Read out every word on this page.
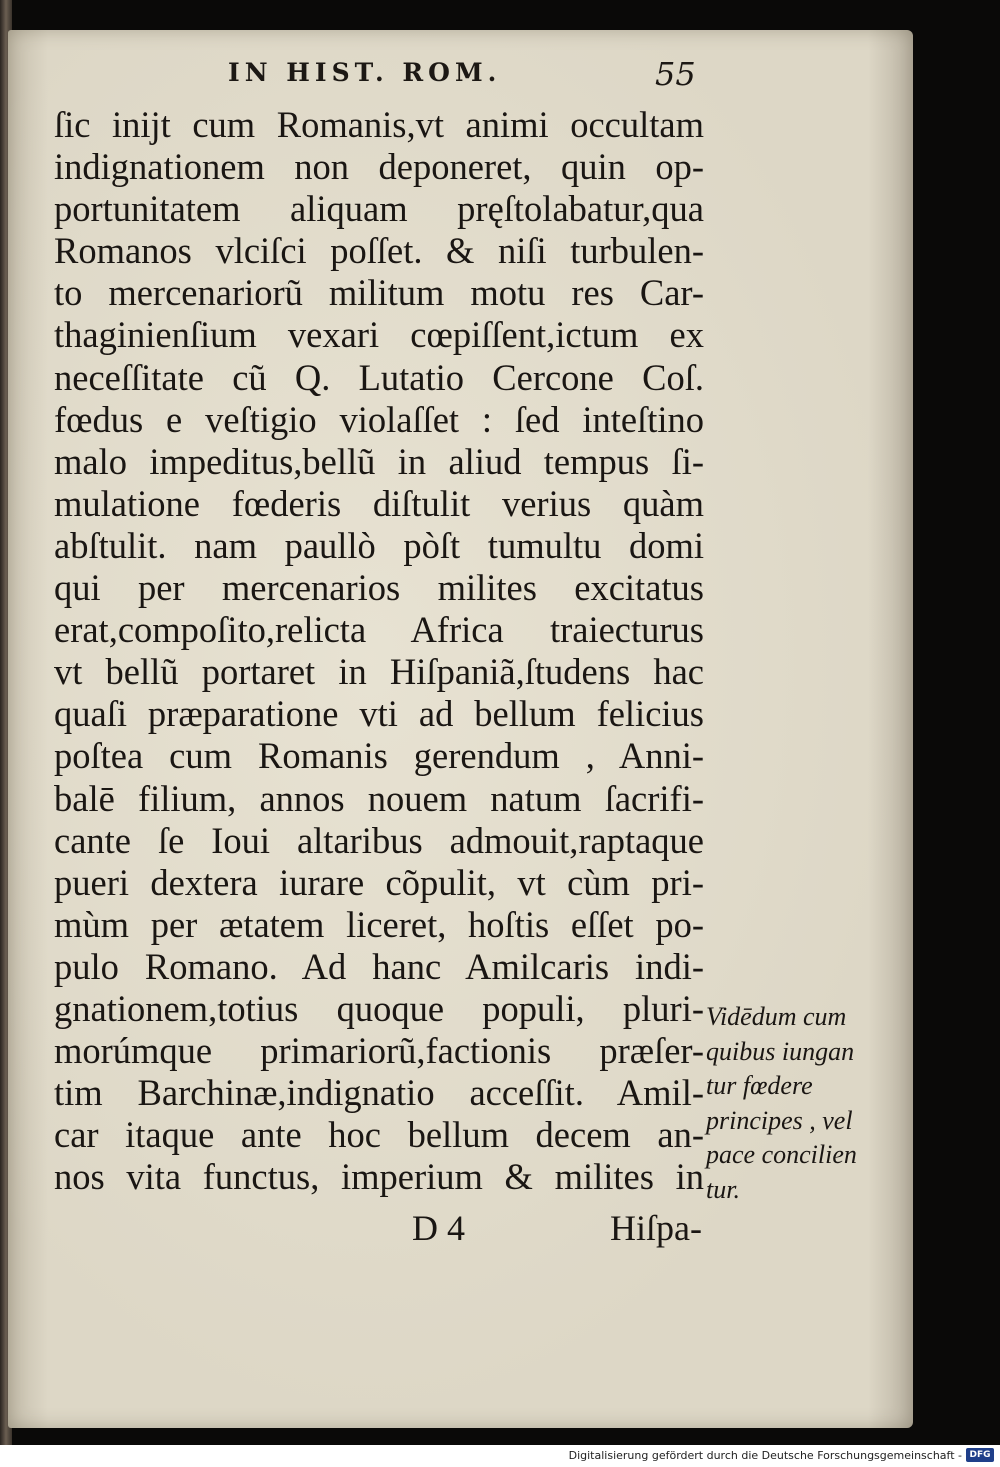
IN HIST. ROM.	55
ſic inijt cum Romanis,vt animi occultam
indignationem non deponeret, quin op-
portunitatem aliquam pręſtolabatur,qua
Romanos vlciſci poſſet. & niſi turbulen-
to mercenariorũ militum motu res Car-
thaginienſium vexari cœpiſſent,ictum ex
neceſſitate cũ Q. Lutatio Cercone Coſ.
fœdus e veſtigio violaſſet : ſed inteſtino
malo impeditus,bellũ in aliud tempus ſi-
mulatione fœderis diſtulit verius quàm
abſtulit. nam paullò pòſt tumultu domi
qui per mercenarios milites excitatus
erat,compoſito,relicta Africa traiecturus
vt bellũ portaret in Hiſpaniã,ſtudens hac
quaſi præparatione vti ad bellum felicius
poſtea cum Romanis gerendum , Anni-
balē filium, annos nouem natum ſacrifi-
cante ſe Ioui altaribus admouit,raptaque
pueri dextera iurare cõpulit, vt cùm pri-
mùm per ætatem liceret, hoſtis eſſet po-
pulo Romano. Ad hanc Amilcaris indi-
gnationem,totius quoque populi, pluri-
morúmque primariorũ,factionis præſer-
tim Barchinæ,indignatio acceſſit. Amil-
car itaque ante hoc bellum decem an-
nos vita functus, imperium & milites in
D 4	Hiſpa-
Vidēdum cum
quibus iungan
tur fœdere
principes , vel
pace concilien
tur.
Digitalisierung gefördert durch die Deutsche Forschungsgemeinschaft - DFG
